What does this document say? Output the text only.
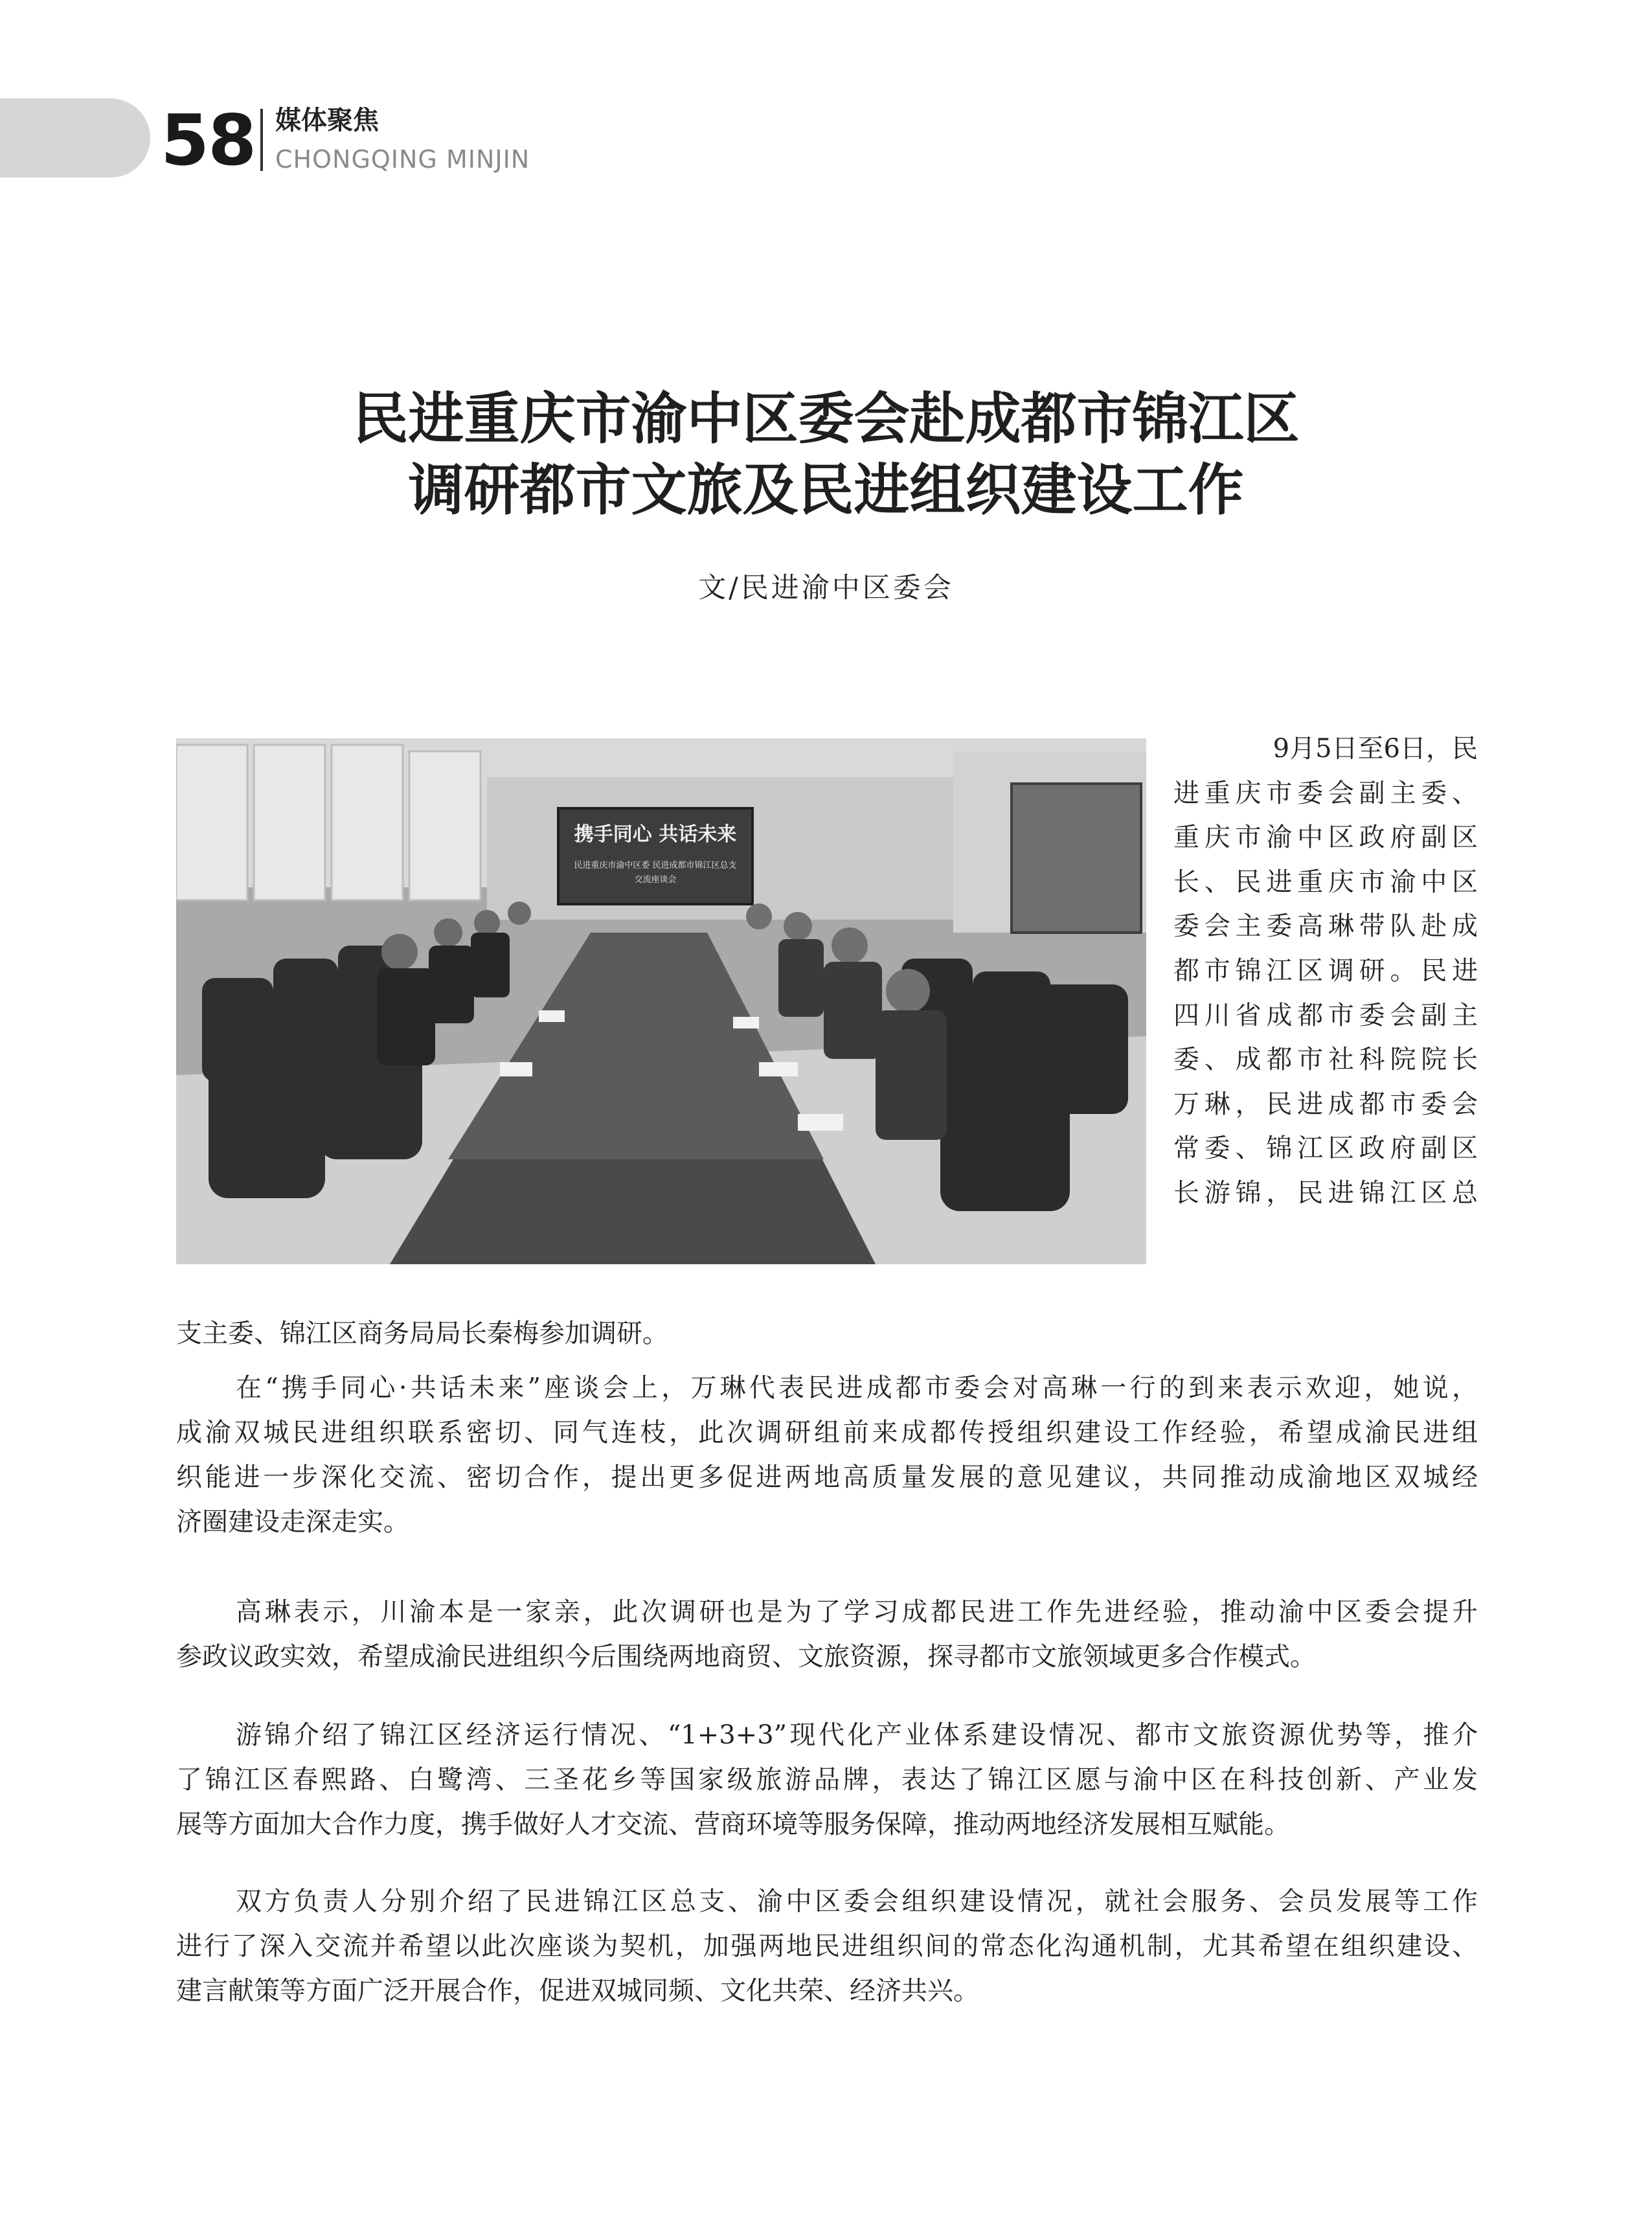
58 媒体聚焦
CHONGQING MINJIN
民进重庆市渝中区委会赴成都市锦江区
调研都市文旅及民进组织建设工作
文/民进渝中区委会
携手同心 共话未来
民进重庆市渝中区委 民进成都市锦江区总支
交流座谈会
9月5日至6日，民
进重庆市委会副主委、
重庆市渝中区政府副区
长、民进重庆市渝中区
委会主委高琳带队赴成
都市锦江区调研。民进
四川省成都市委会副主
委、成都市社科院院长
万琳，民进成都市委会
常委、锦江区政府副区
长游锦，民进锦江区总
支主委、锦江区商务局局长秦梅参加调研。
在“携手同心·共话未来”座谈会上，万琳代表民进成都市委会对高琳一行的到来表示欢迎，她说，
成渝双城民进组织联系密切、同气连枝，此次调研组前来成都传授组织建设工作经验，希望成渝民进组
织能进一步深化交流、密切合作，提出更多促进两地高质量发展的意见建议，共同推动成渝地区双城经
济圈建设走深走实。
高琳表示，川渝本是一家亲，此次调研也是为了学习成都民进工作先进经验，推动渝中区委会提升
参政议政实效，希望成渝民进组织今后围绕两地商贸、文旅资源，探寻都市文旅领域更多合作模式。
游锦介绍了锦江区经济运行情况、“1+3+3”现代化产业体系建设情况、都市文旅资源优势等，推介
了锦江区春熙路、白鹭湾、三圣花乡等国家级旅游品牌，表达了锦江区愿与渝中区在科技创新、产业发
展等方面加大合作力度，携手做好人才交流、营商环境等服务保障，推动两地经济发展相互赋能。
双方负责人分别介绍了民进锦江区总支、渝中区委会组织建设情况，就社会服务、会员发展等工作
进行了深入交流并希望以此次座谈为契机，加强两地民进组织间的常态化沟通机制，尤其希望在组织建设、
建言献策等方面广泛开展合作，促进双城同频、文化共荣、经济共兴。
